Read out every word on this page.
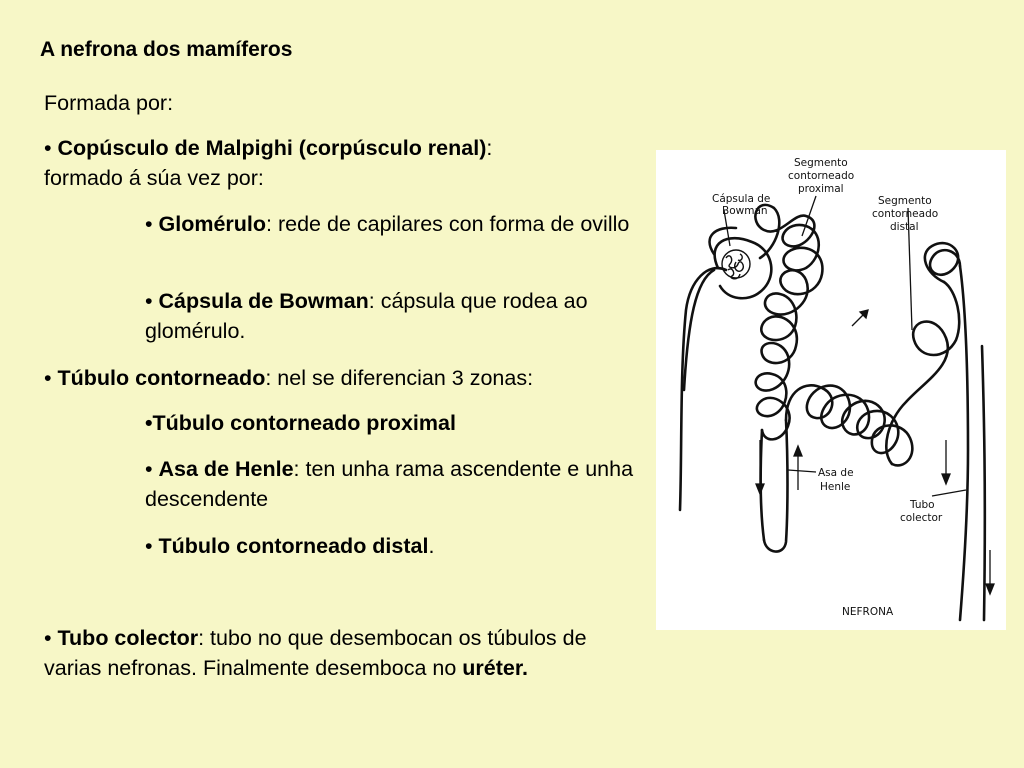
A nefrona dos mamíferos
Formada por:
• Copúsculo de Malpighi (corpúsculo renal):
formado á súa vez por:
• Glomérulo: rede de capilares con forma de ovillo
• Cápsula de Bowman: cápsula que rodea ao glomérulo.
• Túbulo contorneado: nel se diferencian 3 zonas:
•Túbulo contorneado proximal
• Asa de Henle: ten unha rama ascendente e unha descendente
• Túbulo contorneado distal.
• Tubo colector: tubo no que desembocan os túbulos de varias nefronas. Finalmente desemboca no uréter.
Cápsula de
Bowman
Segmento
contorneado
proximal
Segmento
contorneado
distal
Asa de
Henle
Tubo
colector
NEFRONA
